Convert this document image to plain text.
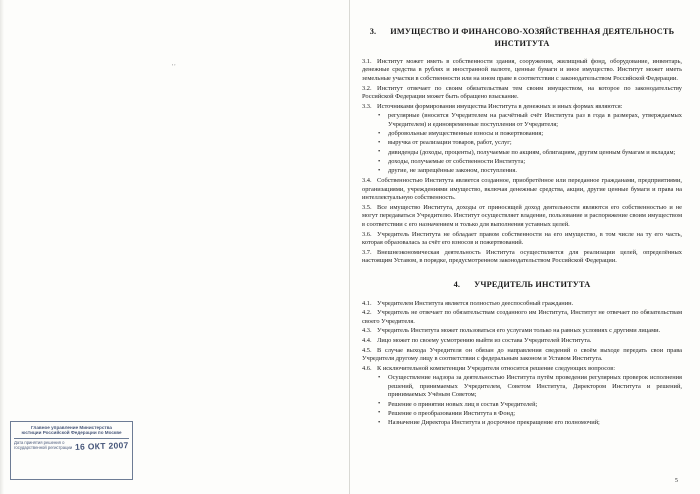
''
Главное управление Министерства
юстиции Российской Федерации по Москве
Дата принятия решения о государственной регистрации 16 ОКТ 2007
3. ИМУЩЕСТВО И ФИНАНСОВО-ХОЗЯЙСТВЕННАЯ ДЕЯТЕЛЬНОСТЬ ИНСТИТУТА

3.1. Институт может иметь в собственности здания, сооружения, жилищный фонд, оборудование, инвентарь, денежные средства в рублях и иностранной валюте, ценные бумаги и иное имущество. Институт может иметь земельные участки в собственности или на ином праве в соответствии с законодательством Российской Федерации.

3.2. Институт отвечает по своим обязательствам тем своим имуществом, на которое по законодательству Российской Федерации может быть обращено взыскание.

3.3. Источниками формирования имущества Института в денежных и иных формах являются:

• регулярные (вносятся Учредителем на расчётный счёт Института раз в года в размерах, утверждаемых Учредителем) и единовременные поступления от Учредителя;
• добровольные имущественные взносы и пожертвования;
• выручка от реализации товаров, работ, услуг;
• дивиденды (доходы, проценты), получаемые по акциям, облигациям, другим ценным бумагам и вкладам;
• доходы, получаемые от собственности Института;
• другие, не запрещённые законом, поступления.

3.4. Собственностью Института является созданное, приобретённое или переданное гражданами, предприятиями, организациями, учреждениями имущество, включая денежные средства, акции, другие ценные бумаги и права на интеллектуальную собственность.

3.5. Все имущество Института, доходы от приносящей доход деятельности являются его собственностью и не могут передаваться Учредителю. Институт осуществляет владение, пользование и распоряжение своим имуществом в соответствии с его назначением и только для выполнения уставных целей.

3.6. Учредитель Института не обладает правом собственности на его имущество, в том числе на ту его часть, которая образовалась за счёт его взносов и пожертвований.

3.7. Внешнеэкономическая деятельность Института осуществляется для реализации целей, определённых настоящим Уставом, в порядке, предусмотренном законодательством Российской Федерации.

4. УЧРЕДИТЕЛЬ ИНСТИТУТА

4.1. Учредителем Института является полностью дееспособный гражданин.

4.2. Учредитель не отвечает по обязательствам созданного им Института, Институт не отвечает по обязательствам своего Учредителя.

4.3. Учредитель Института может пользоваться его услугами только на равных условиях с другими лицами.

4.4. Лицо может по своему усмотрению выйти из состава Учредителей Института.

4.5. В случае выхода Учредителя он обязан до направления сведений о своём выходе передать свои права Учредителя другому лицу в соответствии с федеральным законом и Уставом Института.

4.6. К исключительной компетенции Учредителя относится решение следующих вопросов:

• Осуществление надзора за деятельностью Института путём проведения регулярных проверок исполнения решений, принимаемых Учредителем, Советом Института, Директором Института и решений, принимаемых Учёным Советом;
• Решение о принятии новых лиц в состав Учредителей;
• Решение о преобразовании Института в Фонд;
• Назначение Директора Института и досрочное прекращение его полномочий;
5
